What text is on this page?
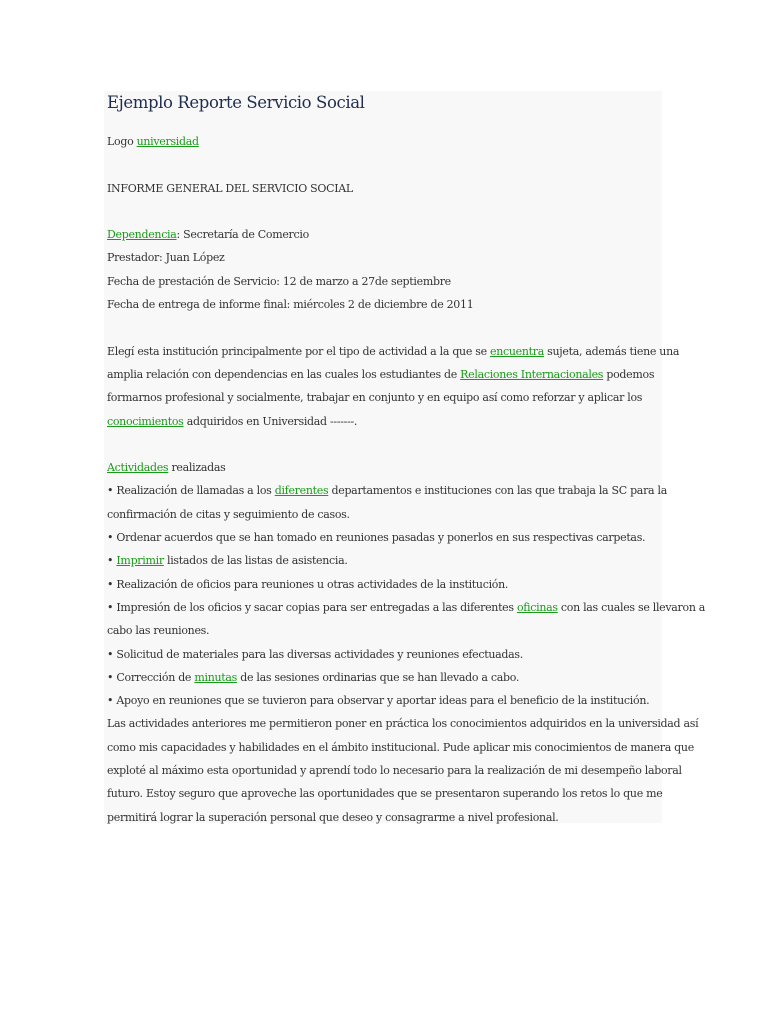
Ejemplo Reporte Servicio Social
Logo universidad
INFORME GENERAL DEL SERVICIO SOCIAL
Dependencia: Secretaría de Comercio
Prestador: Juan López
Fecha de prestación de Servicio: 12 de marzo a 27de septiembre
Fecha de entrega de informe final: miércoles 2 de diciembre de 2011
Elegí esta institución principalmente por el tipo de actividad a la que se encuentra sujeta, además tiene una
amplia relación con dependencias en las cuales los estudiantes de Relaciones Internacionales podemos
formarnos profesional y socialmente, trabajar en conjunto y en equipo así como reforzar y aplicar los
conocimientos adquiridos en Universidad -------.
Actividades realizadas
• Realización de llamadas a los diferentes departamentos e instituciones con las que trabaja la SC para la
confirmación de citas y seguimiento de casos.
• Ordenar acuerdos que se han tomado en reuniones pasadas y ponerlos en sus respectivas carpetas.
• Imprimir listados de las listas de asistencia.
• Realización de oficios para reuniones u otras actividades de la institución.
• Impresión de los oficios y sacar copias para ser entregadas a las diferentes oficinas con las cuales se llevaron a
cabo las reuniones.
• Solicitud de materiales para las diversas actividades y reuniones efectuadas.
• Corrección de minutas de las sesiones ordinarias que se han llevado a cabo.
• Apoyo en reuniones que se tuvieron para observar y aportar ideas para el beneficio de la institución.
Las actividades anteriores me permitieron poner en práctica los conocimientos adquiridos en la universidad así
como mis capacidades y habilidades en el ámbito institucional. Pude aplicar mis conocimientos de manera que
exploté al máximo esta oportunidad y aprendí todo lo necesario para la realización de mi desempeño laboral
futuro. Estoy seguro que aproveche las oportunidades que se presentaron superando los retos lo que me
permitirá lograr la superación personal que deseo y consagrarme a nivel profesional.
